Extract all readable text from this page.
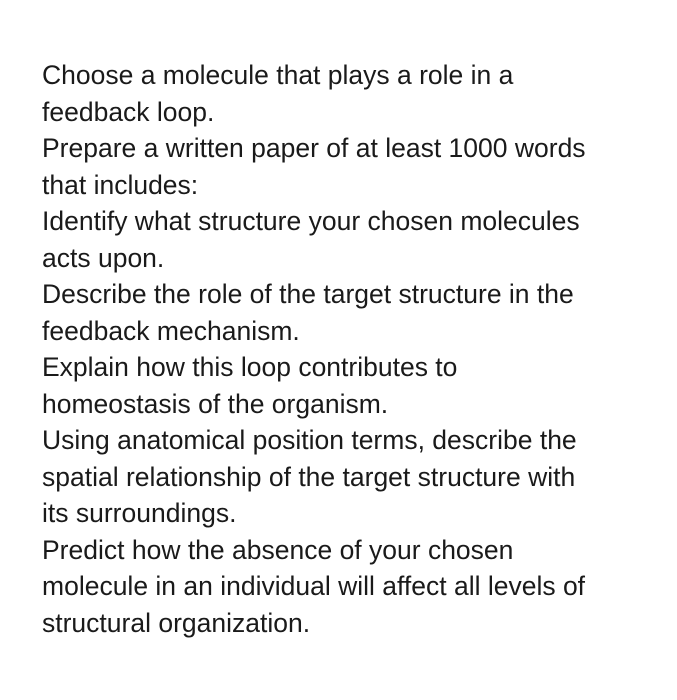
Choose a molecule that plays a role in a
feedback loop.
Prepare a written paper of at least 1000 words
that includes:
Identify what structure your chosen molecules
acts upon.
Describe the role of the target structure in the
feedback mechanism.
Explain how this loop contributes to
homeostasis of the organism.
Using anatomical position terms, describe the
spatial relationship of the target structure with
its surroundings.
Predict how the absence of your chosen
molecule in an individual will affect all levels of
structural organization.
